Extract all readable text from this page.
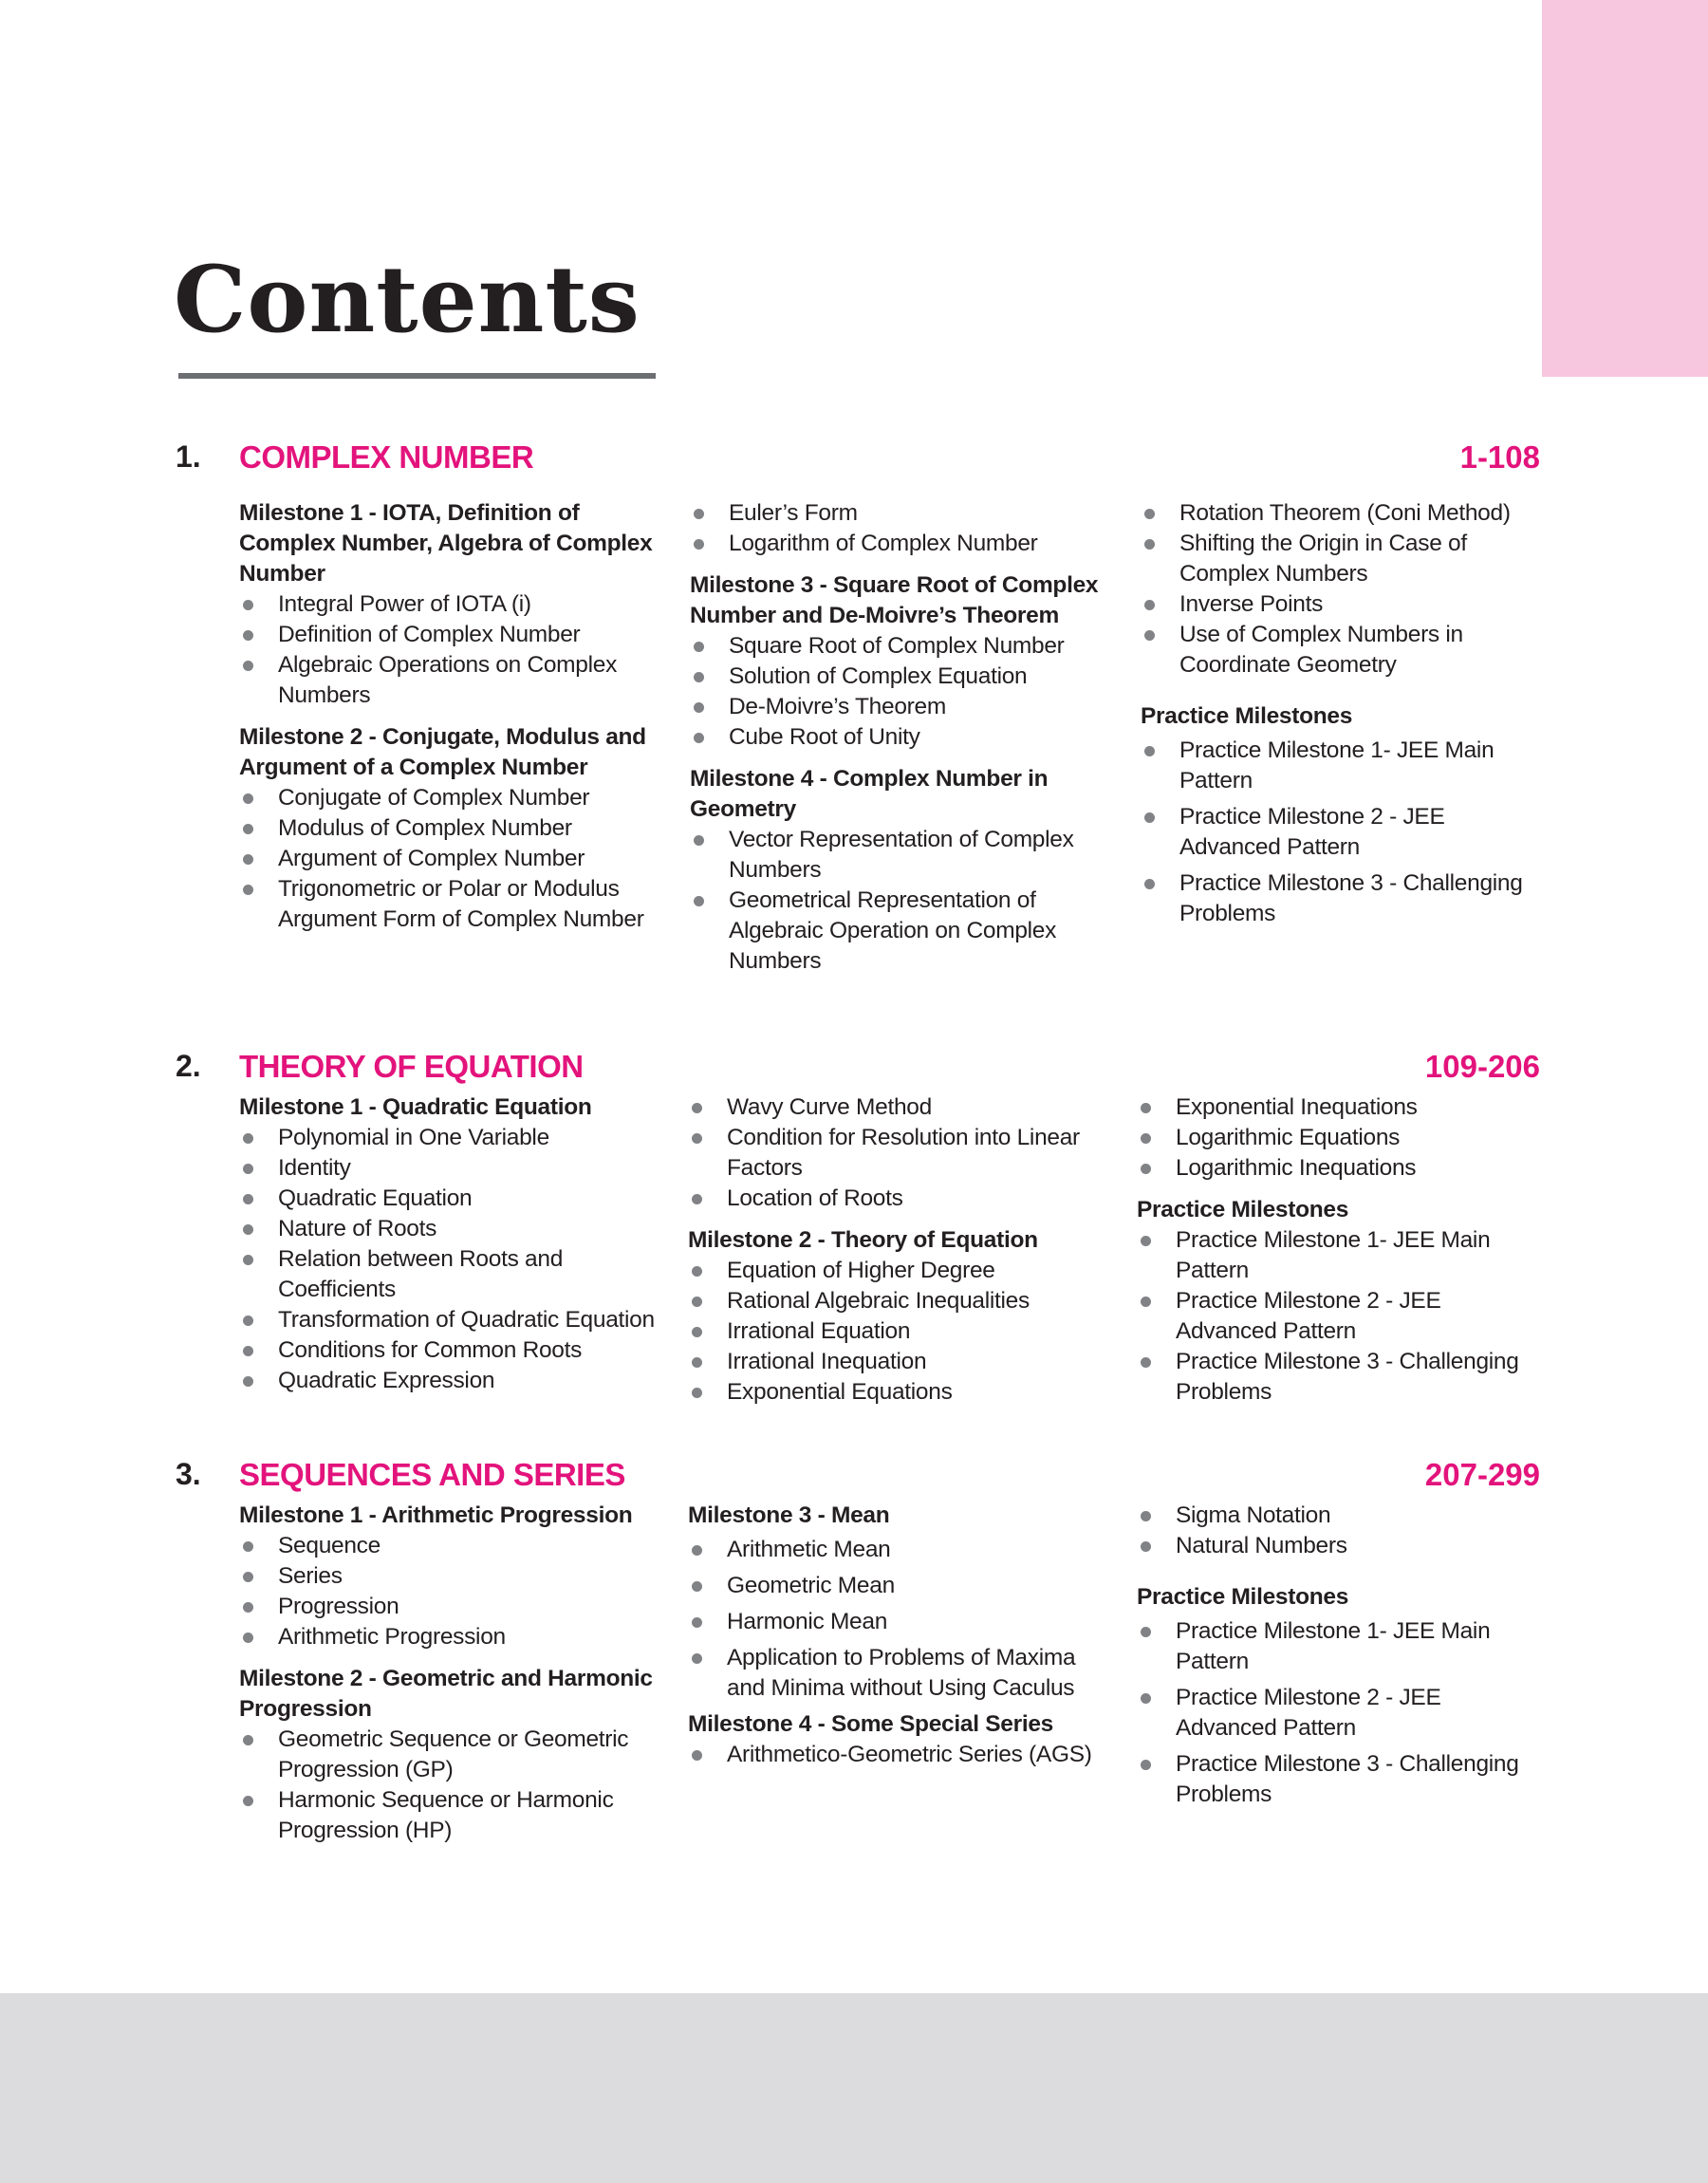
Contents
1. COMPLEX NUMBER	1-108
Milestone 1 - IOTA, Definition of Complex Number, Algebra of Complex Number
Integral Power of IOTA (i)
Definition of Complex Number
Algebraic Operations on Complex Numbers
Milestone 2 - Conjugate, Modulus and Argument of a Complex Number
Conjugate of Complex Number
Modulus of Complex Number
Argument of Complex Number
Trigonometric or Polar or Modulus Argument Form of Complex Number
Euler’s Form
Logarithm of Complex Number
Milestone 3 - Square Root of Complex Number and De-Moivre’s Theorem
Square Root of Complex Number
Solution of Complex Equation
De-Moivre’s Theorem
Cube Root of Unity
Milestone 4 - Complex Number in Geometry
Vector Representation of Complex Numbers
Geometrical Representation of Algebraic Operation on Complex Numbers
Rotation Theorem (Coni Method)
Shifting the Origin in Case of Complex Numbers
Inverse Points
Use of Complex Numbers in Coordinate Geometry
Practice Milestones
Practice Milestone 1- JEE Main Pattern
Practice Milestone 2 - JEE Advanced Pattern
Practice Milestone 3 - Challenging Problems
2. THEORY OF EQUATION	109-206
Milestone 1 - Quadratic Equation
Polynomial in One Variable
Identity
Quadratic Equation
Nature of Roots
Relation between Roots and Coefficients
Transformation of Quadratic Equation
Conditions for Common Roots
Quadratic Expression
Wavy Curve Method
Condition for Resolution into Linear Factors
Location of Roots
Milestone 2 - Theory of Equation
Equation of Higher Degree
Rational Algebraic Inequalities
Irrational Equation
Irrational Inequation
Exponential Equations
Exponential Inequations
Logarithmic Equations
Logarithmic Inequations
Practice Milestones
Practice Milestone 1- JEE Main Pattern
Practice Milestone 2 - JEE Advanced Pattern
Practice Milestone 3 - Challenging Problems
3. SEQUENCES AND SERIES	207-299
Milestone 1 - Arithmetic Progression
Sequence
Series
Progression
Arithmetic Progression
Milestone 2 - Geometric and Harmonic Progression
Geometric Sequence or Geometric Progression (GP)
Harmonic Sequence or Harmonic Progression (HP)
Milestone 3 - Mean
Arithmetic Mean
Geometric Mean
Harmonic Mean
Application to Problems of Maxima and Minima without Using Caculus
Milestone 4 - Some Special Series
Arithmetico-Geometric Series (AGS)
Sigma Notation
Natural Numbers
Practice Milestones
Practice Milestone 1- JEE Main Pattern
Practice Milestone 2 - JEE Advanced Pattern
Practice Milestone 3 - Challenging Problems
